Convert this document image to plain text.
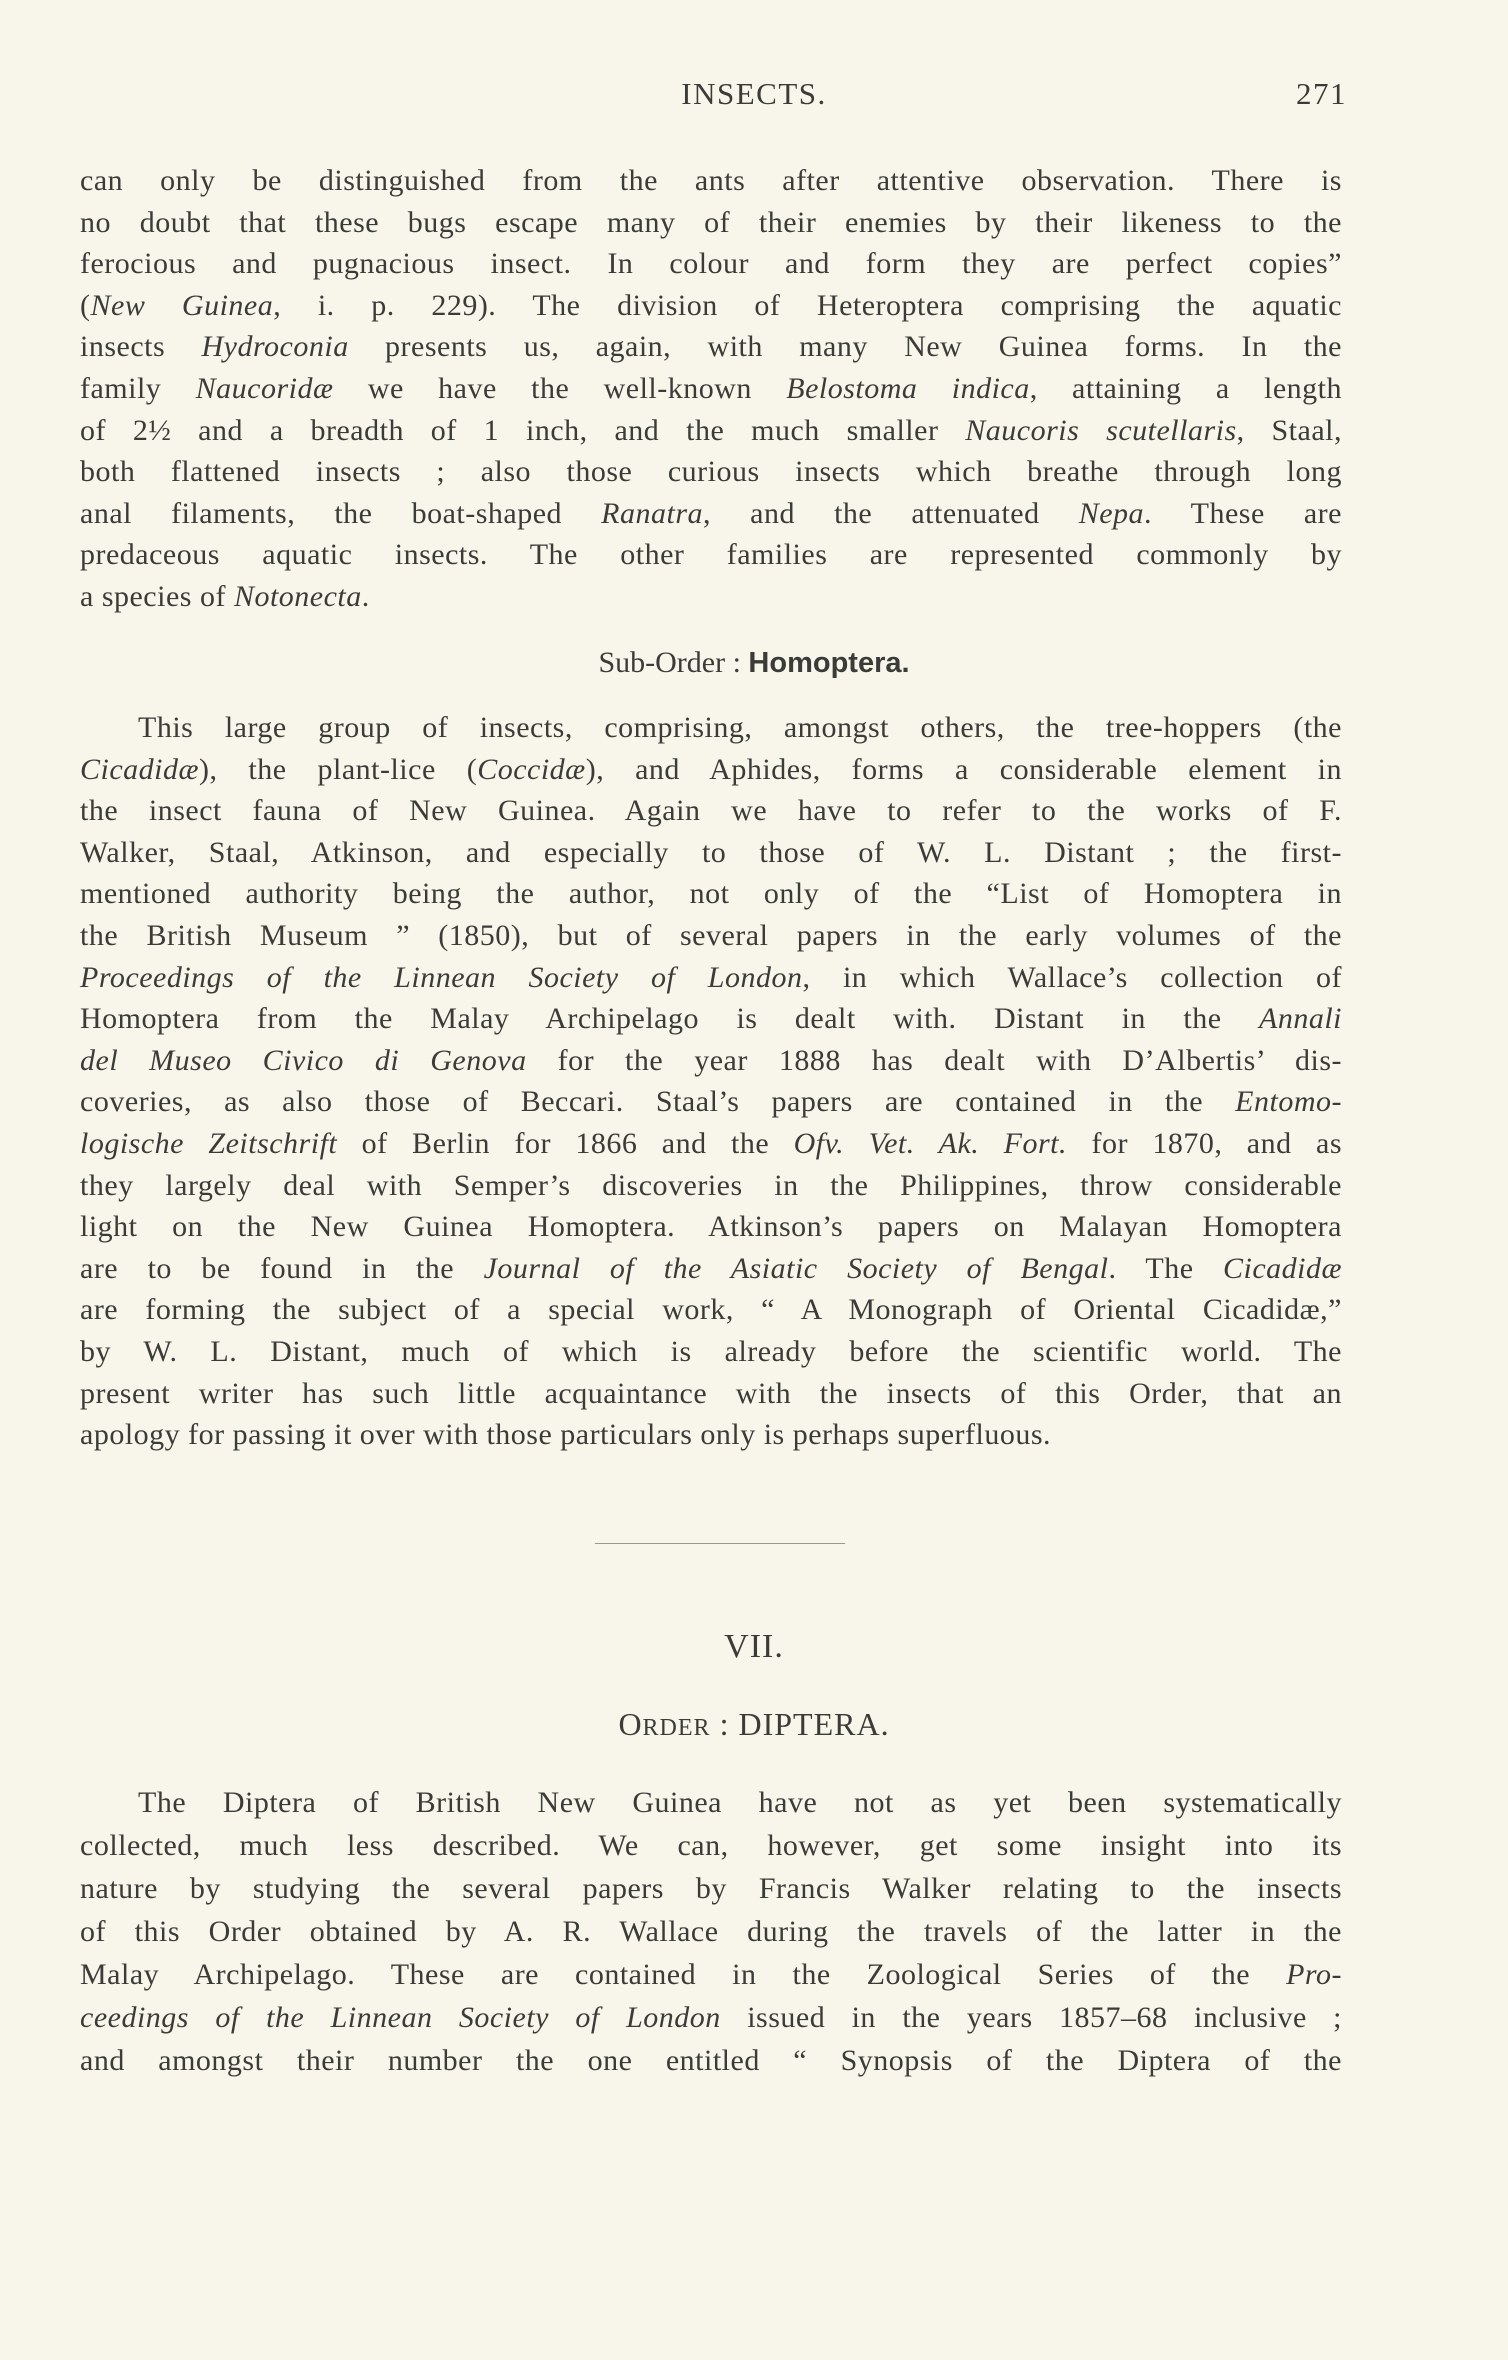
INSECTS.	271
can only be distinguished from the ants after attentive observation. There is
no doubt that these bugs escape many of their enemies by their likeness to the
ferocious and pugnacious insect. In colour and form they are perfect copies”
(New Guinea, i. p. 229). The division of Heteroptera comprising the aquatic
insects Hydroconia presents us, again, with many New Guinea forms. In the
family Naucoridæ we have the well-known Belostoma indica, attaining a length
of 2½ and a breadth of 1 inch, and the much smaller Naucoris scutellaris, Staal,
both flattened insects ; also those curious insects which breathe through long
anal filaments, the boat-shaped Ranatra, and the attenuated Nepa. These are
predaceous aquatic insects. The other families are represented commonly by
a species of Notonecta.
Sub-Order : Homoptera.
This large group of insects, comprising, amongst others, the tree-hoppers (the
Cicadidæ), the plant-lice (Coccidæ), and Aphides, forms a considerable element in
the insect fauna of New Guinea. Again we have to refer to the works of F.
Walker, Staal, Atkinson, and especially to those of W. L. Distant ; the first-
mentioned authority being the author, not only of the “List of Homoptera in
the British Museum ” (1850), but of several papers in the early volumes of the
Proceedings of the Linnean Society of London, in which Wallace’s collection of
Homoptera from the Malay Archipelago is dealt with. Distant in the Annali
del Museo Civico di Genova for the year 1888 has dealt with D’Albertis’ dis-
coveries, as also those of Beccari. Staal’s papers are contained in the Entomo-
logische Zeitschrift of Berlin for 1866 and the Ofv. Vet. Ak. Fort. for 1870, and as
they largely deal with Semper’s discoveries in the Philippines, throw considerable
light on the New Guinea Homoptera. Atkinson’s papers on Malayan Homoptera
are to be found in the Journal of the Asiatic Society of Bengal. The Cicadidæ
are forming the subject of a special work, “ A Monograph of Oriental Cicadidæ,”
by W. L. Distant, much of which is already before the scientific world. The
present writer has such little acquaintance with the insects of this Order, that an
apology for passing it over with those particulars only is perhaps superfluous.
VII.
ORDER : DIPTERA.
The Diptera of British New Guinea have not as yet been systematically
collected, much less described. We can, however, get some insight into its
nature by studying the several papers by Francis Walker relating to the insects
of this Order obtained by A. R. Wallace during the travels of the latter in the
Malay Archipelago. These are contained in the Zoological Series of the Pro-
ceedings of the Linnean Society of London issued in the years 1857–68 inclusive ;
and amongst their number the one entitled “ Synopsis of the Diptera of the
